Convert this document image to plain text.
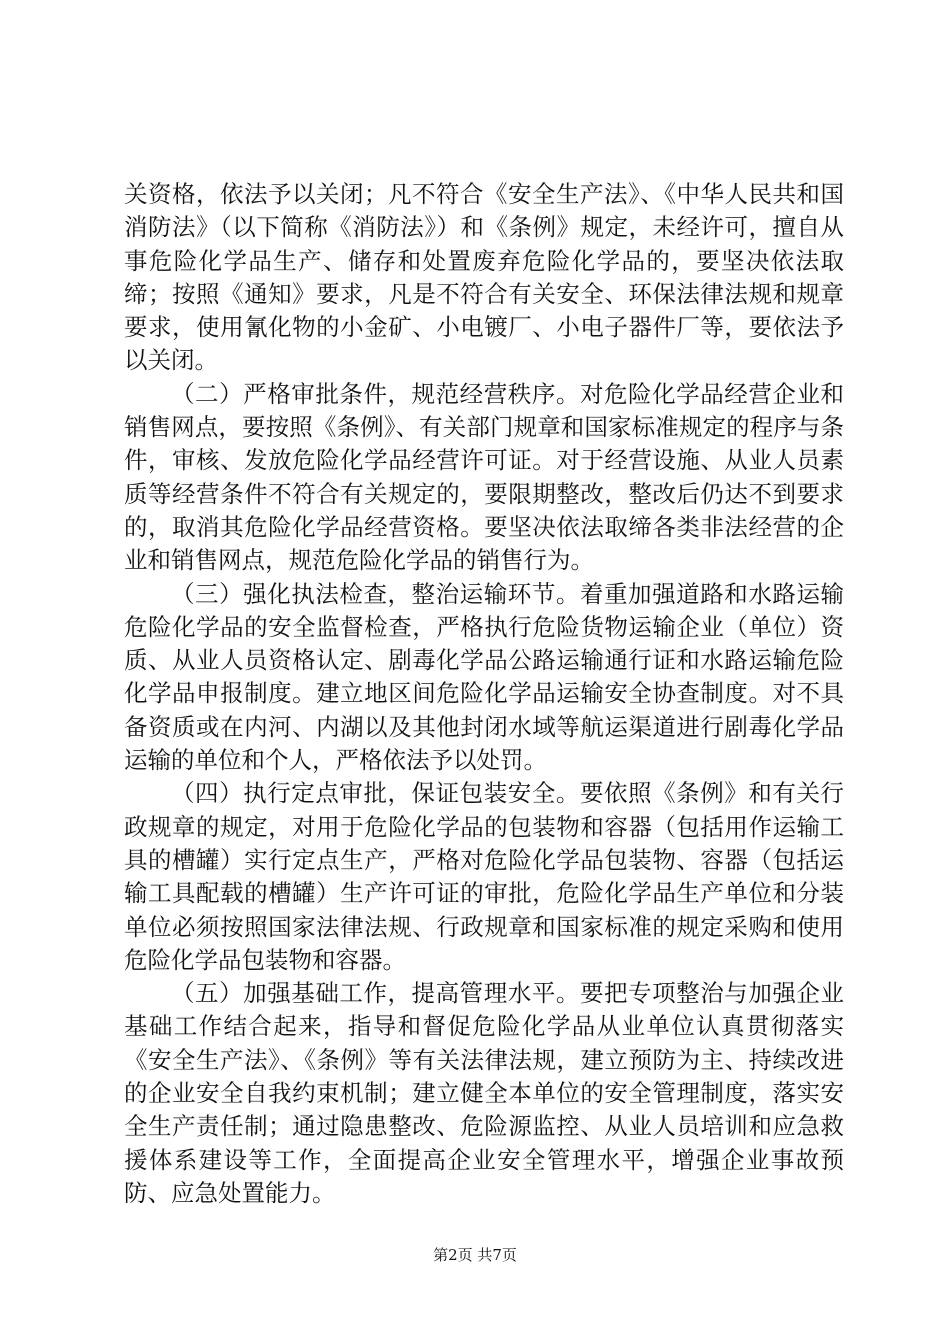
关资格，依法予以关闭；凡不符合《安全生产法》、《中华人民共和国消防法》（以下简称《消防法》）和《条例》规定，未经许可，擅自从事危险化学品生产、储存和处置废弃危险化学品的，要坚决依法取缔；按照《通知》要求，凡是不符合有关安全、环保法律法规和规章要求，使用氰化物的小金矿、小电镀厂、小电子器件厂等，要依法予以关闭。

（二）严格审批条件，规范经营秩序。对危险化学品经营企业和销售网点，要按照《条例》、有关部门规章和国家标准规定的程序与条件，审核、发放危险化学品经营许可证。对于经营设施、从业人员素质等经营条件不符合有关规定的，要限期整改，整改后仍达不到要求的，取消其危险化学品经营资格。要坚决依法取缔各类非法经营的企业和销售网点，规范危险化学品的销售行为。

（三）强化执法检查，整治运输环节。着重加强道路和水路运输危险化学品的安全监督检查，严格执行危险货物运输企业（单位）资质、从业人员资格认定、剧毒化学品公路运输通行证和水路运输危险化学品申报制度。建立地区间危险化学品运输安全协查制度。对不具备资质或在内河、内湖以及其他封闭水域等航运渠道进行剧毒化学品运输的单位和个人，严格依法予以处罚。

（四）执行定点审批，保证包装安全。要依照《条例》和有关行政规章的规定，对用于危险化学品的包装物和容器（包括用作运输工具的槽罐）实行定点生产，严格对危险化学品包装物、容器（包括运输工具配载的槽罐）生产许可证的审批，危险化学品生产单位和分装单位必须按照国家法律法规、行政规章和国家标准的规定采购和使用危险化学品包装物和容器。

（五）加强基础工作，提高管理水平。要把专项整治与加强企业基础工作结合起来，指导和督促危险化学品从业单位认真贯彻落实《安全生产法》、《条例》等有关法律法规，建立预防为主、持续改进的企业安全自我约束机制；建立健全本单位的安全管理制度，落实安全生产责任制；通过隐患整改、危险源监控、从业人员培训和应急救援体系建设等工作，全面提高企业安全管理水平，增强企业事故预防、应急处置能力。

第2页 共7页
